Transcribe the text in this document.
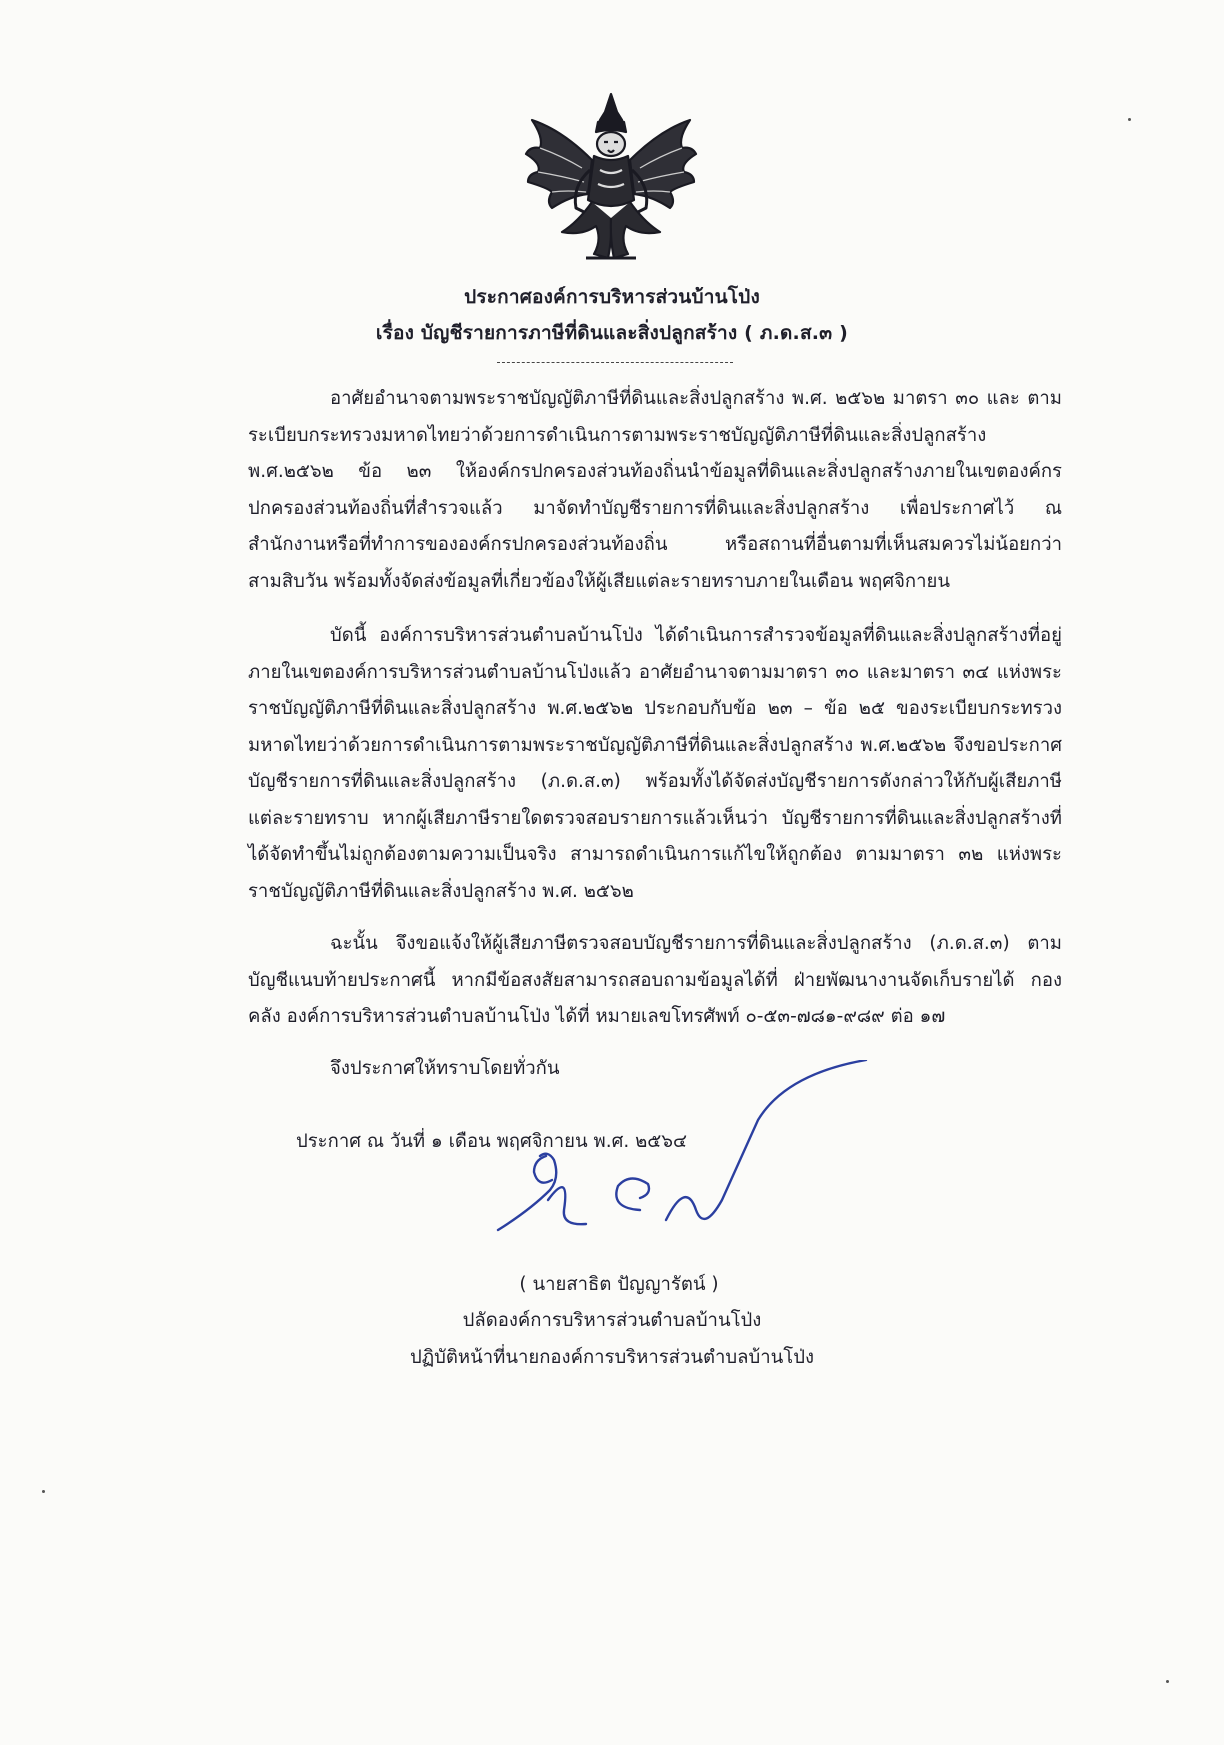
ประกาศองค์การบริหารส่วนบ้านโป่ง
เรื่อง บัญชีรายการภาษีที่ดินและสิ่งปลูกสร้าง ( ภ.ด.ส.๓ )

อาศัยอำนาจตามพระราชบัญญัติภาษีที่ดินและสิ่งปลูกสร้าง พ.ศ. ๒๕๖๒ มาตรา ๓๐ และ ตามระเบียบกระทรวงมหาดไทยว่าด้วยการดำเนินการตามพระราชบัญญัติภาษีที่ดินและสิ่งปลูกสร้าง พ.ศ.๒๕๖๒ ข้อ ๒๓ ให้องค์กรปกครองส่วนท้องถิ่นนำข้อมูลที่ดินและสิ่งปลูกสร้างภายในเขตองค์กรปกครองส่วนท้องถิ่นที่สำรวจแล้ว มาจัดทำบัญชีรายการที่ดินและสิ่งปลูกสร้าง เพื่อประกาศไว้ ณ สำนักงานหรือที่ทำการขององค์กรปกครองส่วนท้องถิ่น หรือสถานที่อื่นตามที่เห็นสมควรไม่น้อยกว่าสามสิบวัน พร้อมทั้งจัดส่งข้อมูลที่เกี่ยวข้องให้ผู้เสียแต่ละรายทราบภายในเดือน พฤศจิกายน

บัดนี้ องค์การบริหารส่วนตำบลบ้านโป่ง ได้ดำเนินการสำรวจข้อมูลที่ดินและสิ่งปลูกสร้างที่อยู่ภายในเขตองค์การบริหารส่วนตำบลบ้านโป่งแล้ว อาศัยอำนาจตามมาตรา ๓๐ และมาตรา ๓๔ แห่งพระราชบัญญัติภาษีที่ดินและสิ่งปลูกสร้าง พ.ศ.๒๕๖๒ ประกอบกับข้อ ๒๓ – ข้อ ๒๕ ของระเบียบกระทรวงมหาดไทยว่าด้วยการดำเนินการตามพระราชบัญญัติภาษีที่ดินและสิ่งปลูกสร้าง พ.ศ.๒๕๖๒ จึงขอประกาศบัญชีรายการที่ดินและสิ่งปลูกสร้าง (ภ.ด.ส.๓) พร้อมทั้งได้จัดส่งบัญชีรายการดังกล่าวให้กับผู้เสียภาษีแต่ละรายทราบ หากผู้เสียภาษีรายใดตรวจสอบรายการแล้วเห็นว่า บัญชีรายการที่ดินและสิ่งปลูกสร้างที่ได้จัดทำขึ้นไม่ถูกต้องตามความเป็นจริง สามารถดำเนินการแก้ไขให้ถูกต้อง ตามมาตรา ๓๒ แห่งพระราชบัญญัติภาษีที่ดินและสิ่งปลูกสร้าง พ.ศ. ๒๕๖๒

ฉะนั้น จึงขอแจ้งให้ผู้เสียภาษีตรวจสอบบัญชีรายการที่ดินและสิ่งปลูกสร้าง (ภ.ด.ส.๓) ตามบัญชีแนบท้ายประกาศนี้ หากมีข้อสงสัยสามารถสอบถามข้อมูลได้ที่ ฝ่ายพัฒนางานจัดเก็บรายได้ กองคลัง องค์การบริหารส่วนตำบลบ้านโป่ง ได้ที่ หมายเลขโทรศัพท์ ๐-๕๓-๗๘๑-๙๘๙ ต่อ ๑๗

จึงประกาศให้ทราบโดยทั่วกัน
ประกาศ ณ วันที่ ๑ เดือน พฤศจิกายน พ.ศ. ๒๕๖๔
( นายสาธิต ปัญญารัตน์ )
ปลัดองค์การบริหารส่วนตำบลบ้านโป่ง
ปฏิบัติหน้าที่นายกองค์การบริหารส่วนตำบลบ้านโป่ง
